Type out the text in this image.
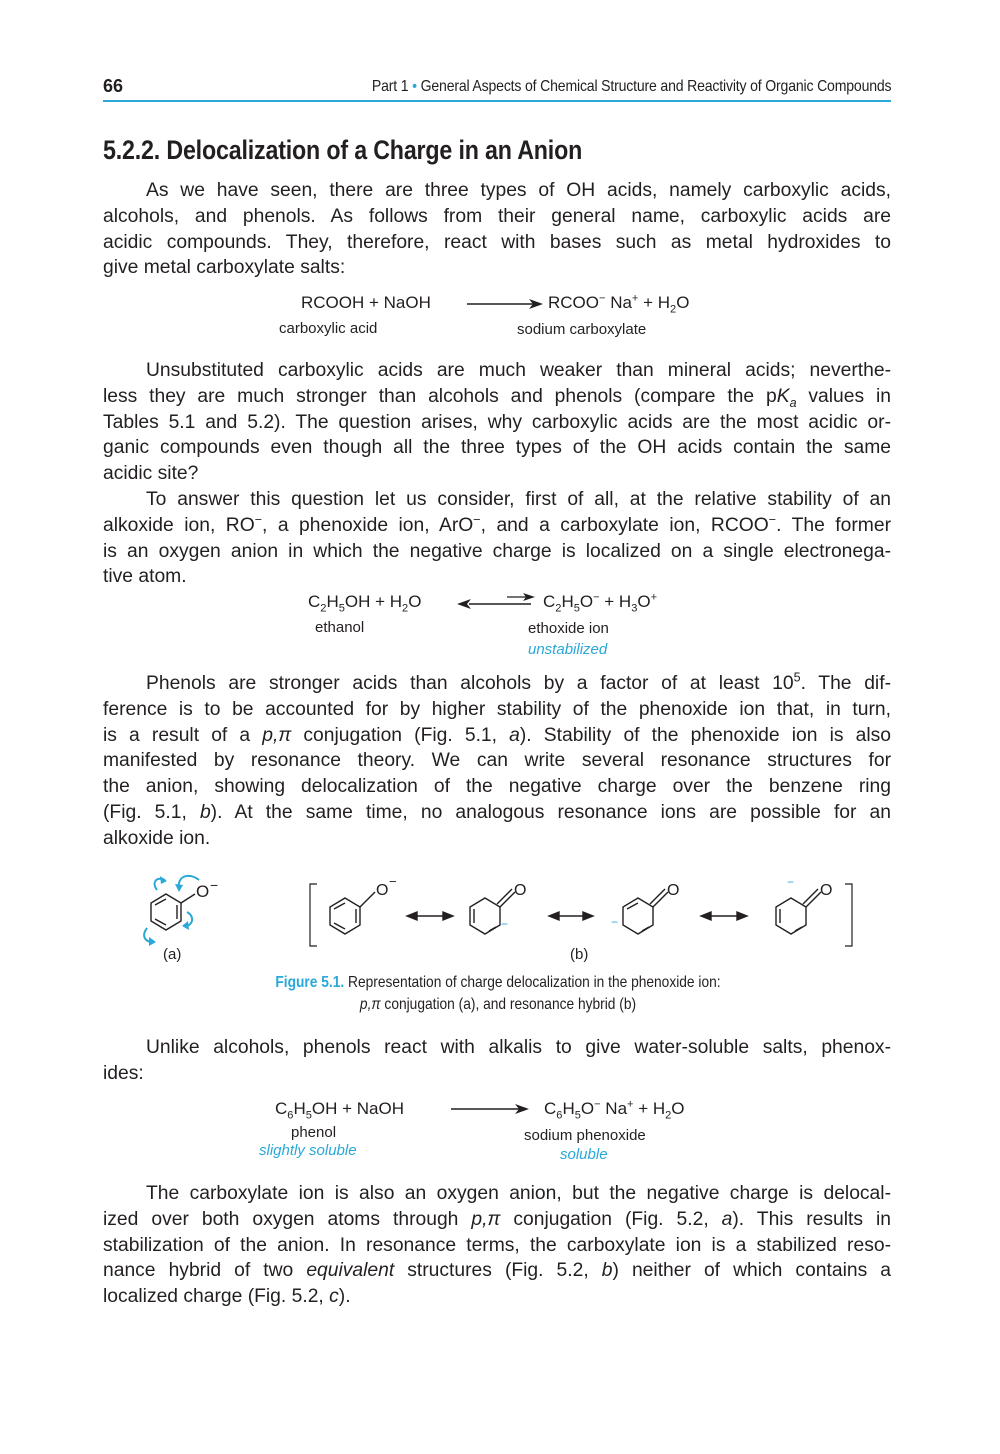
66	Part 1 • General Aspects of Chemical Structure and Reactivity of Organic Compounds
5.2.2. Delocalization of a Charge in an Anion
As we have seen, there are three types of OH acids, namely carboxylic acids,
alcohols, and phenols. As follows from their general name, carboxylic acids are
acidic compounds. They, therefore, react with bases such as metal hydroxides to
give metal carboxylate salts:
RCOOH + NaOH	RCOO− $Na^+ + H_2O$
carboxylic acid	sodium carboxylate
Unsubstituted carboxylic acids are much weaker than mineral acids; neverthe-
less they are much stronger than alcohols and phenols (compare the $pK_a$ values in
Tables 5.1 and 5.2). The question arises, why carboxylic acids are the most acidic or-
ganic compounds even though all the three types of the OH acids contain the same
acidic site?
To answer this question let us consider, first of all, at the relative stability of an
alkoxide ion, RO−, a phenoxide ion, ArO−, and a carboxylate ion, RCOO−. The former
is an oxygen anion in which the negative charge is localized on a single electronega-
tive atom.
$C_2H_5OH + H_2O$	$C_2H_5O^- + H_3O^+$
ethanol	ethoxide ion
unstabilized
Phenols are stronger acids than alcohols by a factor of at least $10^5$. The dif-
ference is to be accounted for by higher stability of the phenoxide ion that, in turn,
is a result of a p,π conjugation (Fig. 5.1, a). Stability of the phenoxide ion is also
manifested by resonance theory. We can write several resonance structures for
the anion, showing delocalization of the negative charge over the benzene ring
(Fig. 5.1, b). At the same time, no analogous resonance ions are possible for an
alkoxide ion.
O −
(a)
O
−
O
−
O
−
O
−
(b)
Figure 5.1. Representation of charge delocalization in the phenoxide ion:
p,π conjugation (a), and resonance hybrid (b)
Unlike alcohols, phenols react with alkalis to give water-soluble salts, phenox-
ides:
$C_6H_5OH$ + NaOH	$C_6H_5O^-$ $Na^+ + H_2O$
phenol
slightly soluble
sodium phenoxide
soluble
The carboxylate ion is also an oxygen anion, but the negative charge is delocal-
ized over both oxygen atoms through p,π conjugation (Fig. 5.2, a). This results in
stabilization of the anion. In resonance terms, the carboxylate ion is a stabilized reso-
nance hybrid of two equivalent structures (Fig. 5.2, b) neither of which contains a
localized charge (Fig. 5.2, c).
